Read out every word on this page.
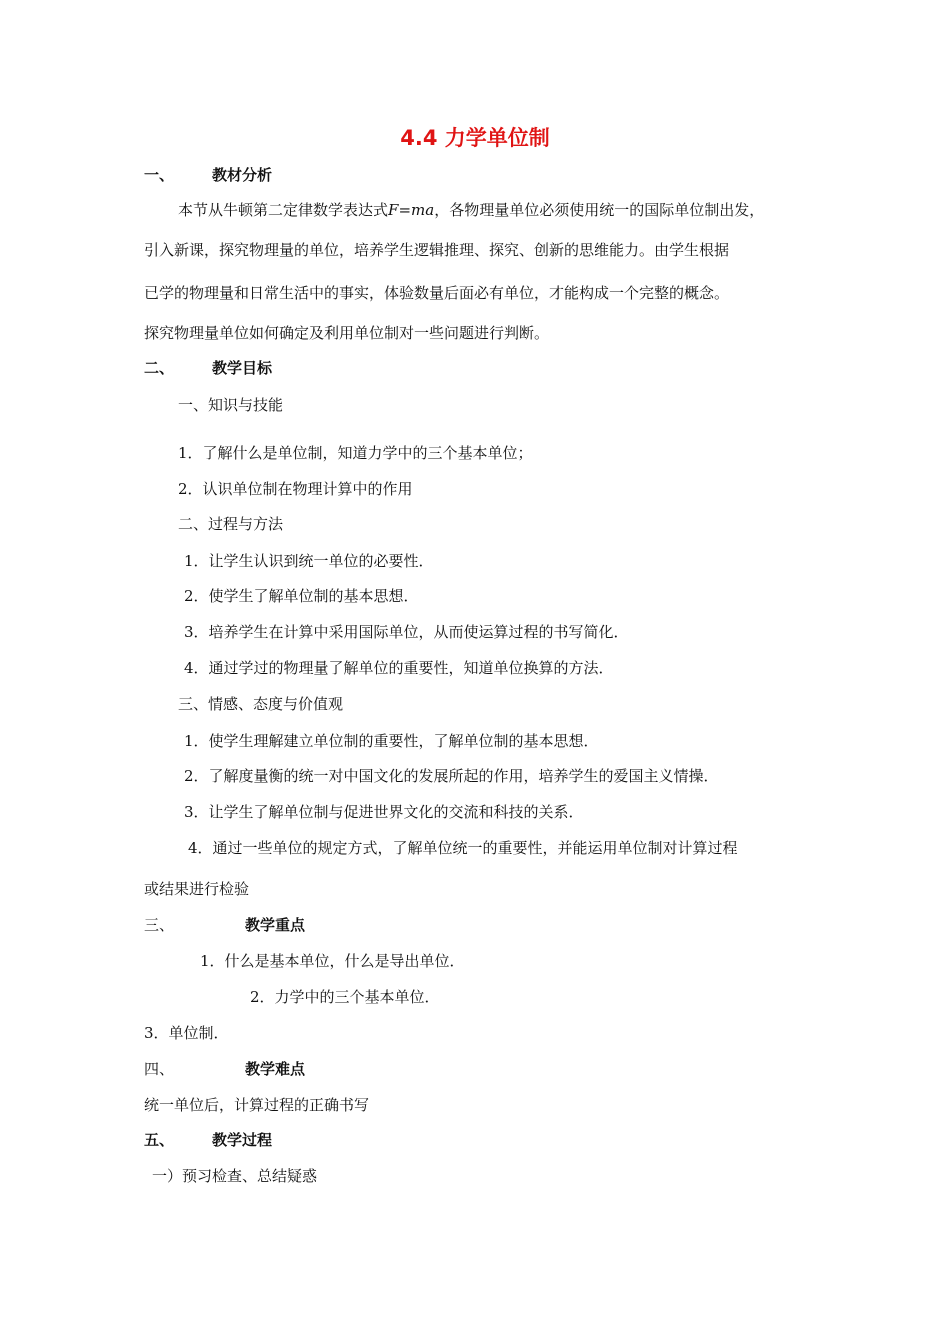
4.4 力学单位制
一、	教材分析
本节从牛顿第二定律数学表达式F=ma，各物理量单位必须使用统一的国际单位制出发，
引入新课，探究物理量的单位，培养学生逻辑推理、探究、创新的思维能力。由学生根据
已学的物理量和日常生活中的事实，体验数量后面必有单位，才能构成一个完整的概念。
探究物理量单位如何确定及利用单位制对一些问题进行判断。
二、	教学目标
一、知识与技能
1．了解什么是单位制，知道力学中的三个基本单位；
2．认识单位制在物理计算中的作用
二、过程与方法
1．让学生认识到统一单位的必要性．
2．使学生了解单位制的基本思想．
3．培养学生在计算中采用国际单位，从而使运算过程的书写简化．
4．通过学过的物理量了解单位的重要性，知道单位换算的方法．
三、情感、态度与价值观
1．使学生理解建立单位制的重要性，了解单位制的基本思想．
2．了解度量衡的统一对中国文化的发展所起的作用，培养学生的爱国主义情操．
3．让学生了解单位制与促进世界文化的交流和科技的关系．
4．通过一些单位的规定方式，了解单位统一的重要性，并能运用单位制对计算过程
或结果进行检验
三、	教学重点
1．什么是基本单位，什么是导出单位．
2．力学中的三个基本单位．
3．单位制．
四、	教学难点
统一单位后，计算过程的正确书写
五、	教学过程
一）预习检查、总结疑惑
